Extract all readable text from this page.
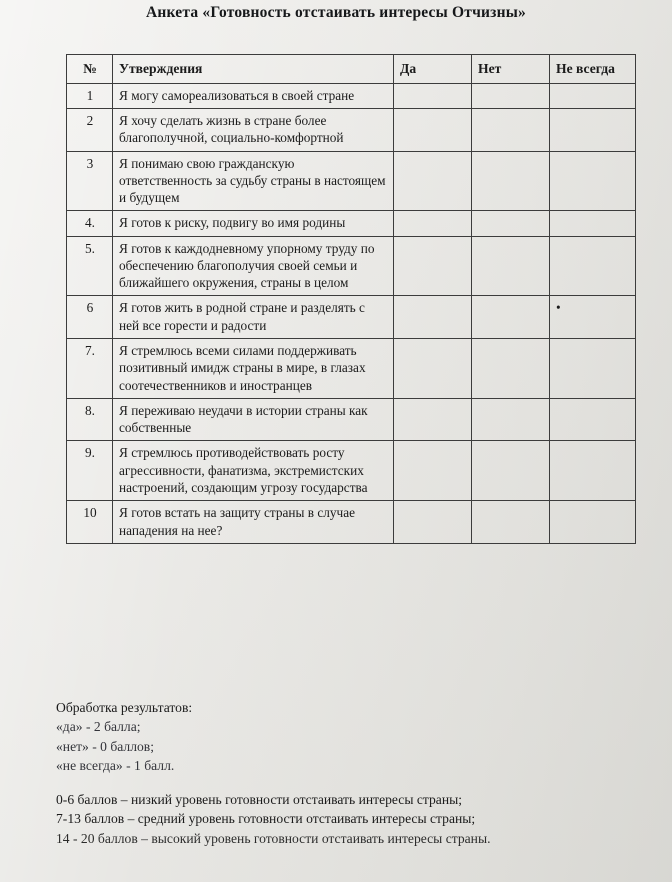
Анкета «Готовность отстаивать интересы Отчизны»
№	Утверждения	Да	Нет	Не всегда
1	Я могу самореализоваться в своей стране			
2	Я хочу сделать жизнь в стране более благополучной, социально-комфортной			
3	Я понимаю свою гражданскую ответственность за судьбу страны в настоящем и будущем			
4.	Я готов к риску, подвигу во имя родины			
5.	Я готов к каждодневному упорному труду по обеспечению благополучия своей семьи и ближайшего окружения, страны в целом			
6	Я готов жить в родной стране и разделять с ней все горести и радости			•
7.	Я стремлюсь всеми силами поддерживать позитивный имидж страны в мире, в глазах соотечественников и иностранцев			
8.	Я переживаю неудачи в истории страны как собственные			
9.	Я стремлюсь противодействовать росту агрессивности, фанатизма, экстремистских настроений, создающим угрозу государства			
10	Я готов встать на защиту страны в случае нападения на нее?			

Обработка результатов:

«да» - 2 балла;

«нет» - 0 баллов;

«не всегда» - 1 балл.

0-6 баллов – низкий уровень готовности отстаивать интересы страны;

7-13 баллов – средний уровень готовности отстаивать интересы страны;

14 - 20 баллов – высокий уровень готовности отстаивать интересы страны.
